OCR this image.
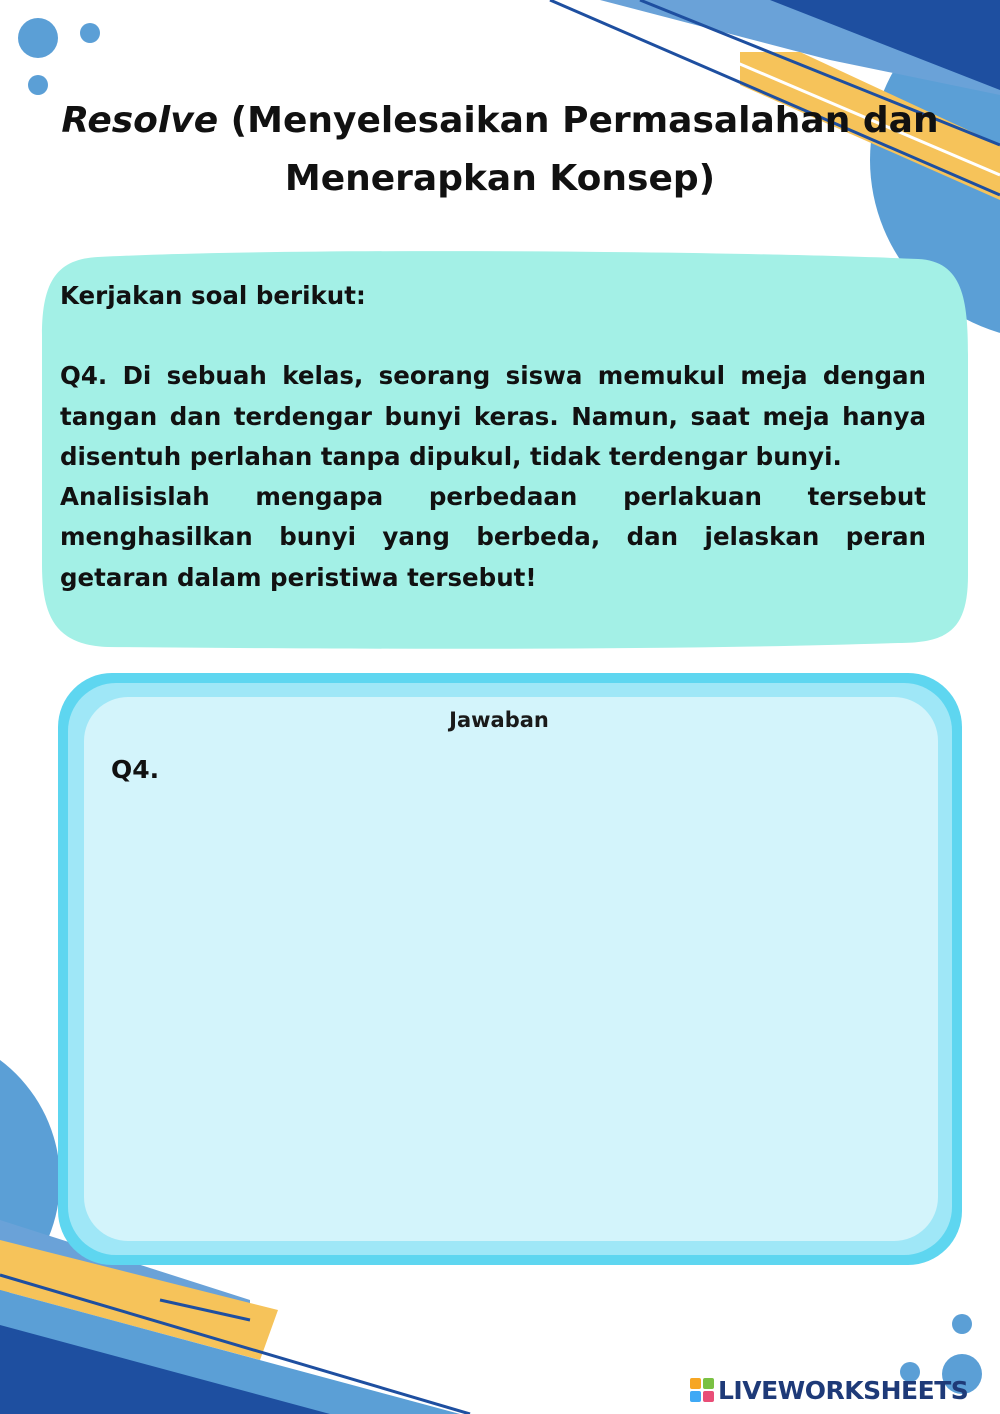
Resolve (Menyelesaikan Permasalahan dan
Menerapkan Konsep)

Kerjakan soal berikut:

Q4. Di sebuah kelas, seorang siswa memukul meja dengan tangan dan terdengar bunyi keras. Namun, saat meja hanya disentuh perlahan tanpa dipukul, tidak terdengar bunyi.

Analisislah mengapa perbedaan perlakuan tersebut menghasilkan bunyi yang berbeda, dan jelaskan peran getaran dalam peristiwa tersebut!

Jawaban
Q4.
LIVEWORKSHEETS
